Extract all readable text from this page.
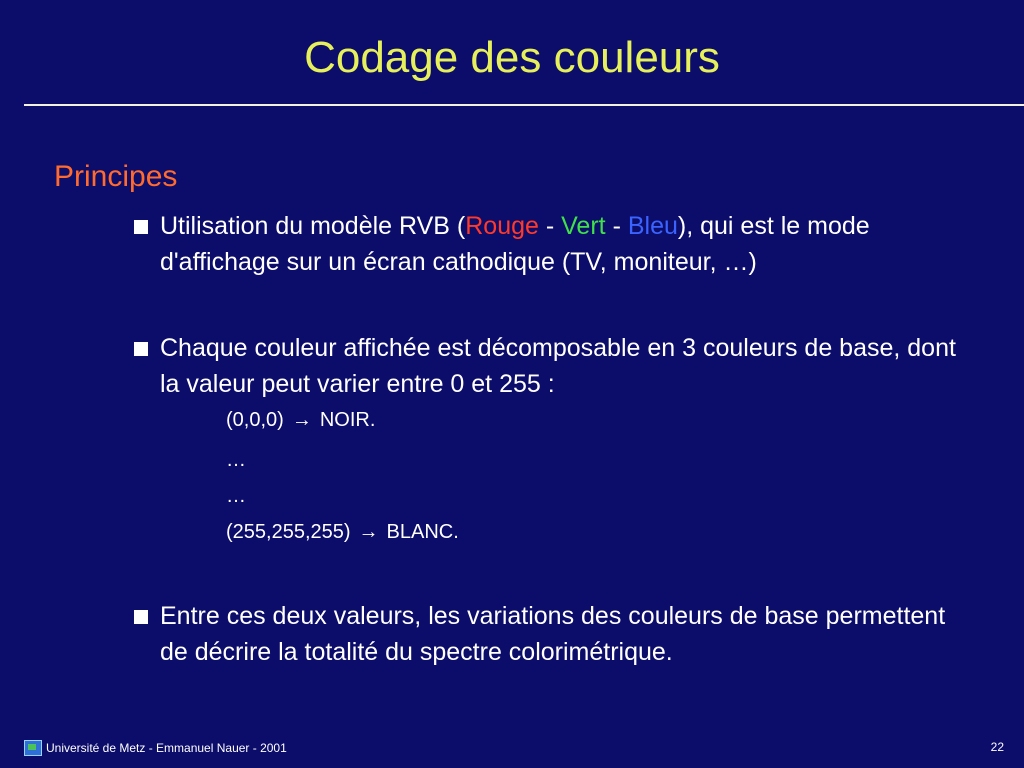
Codage des couleurs
Principes
Utilisation du modèle RVB (Rouge - Vert - Bleu), qui est le mode d'affichage sur un écran cathodique (TV, moniteur, …)
Chaque couleur affichée est décomposable en 3 couleurs de base, dont la valeur peut varier entre 0 et 255 :
(0,0,0) → NOIR.
…
…
(255,255,255) → BLANC.
Entre ces deux valeurs, les variations des couleurs de base permettent de décrire la totalité du spectre colorimétrique.
Université de Metz - Emmanuel Nauer - 2001	22
